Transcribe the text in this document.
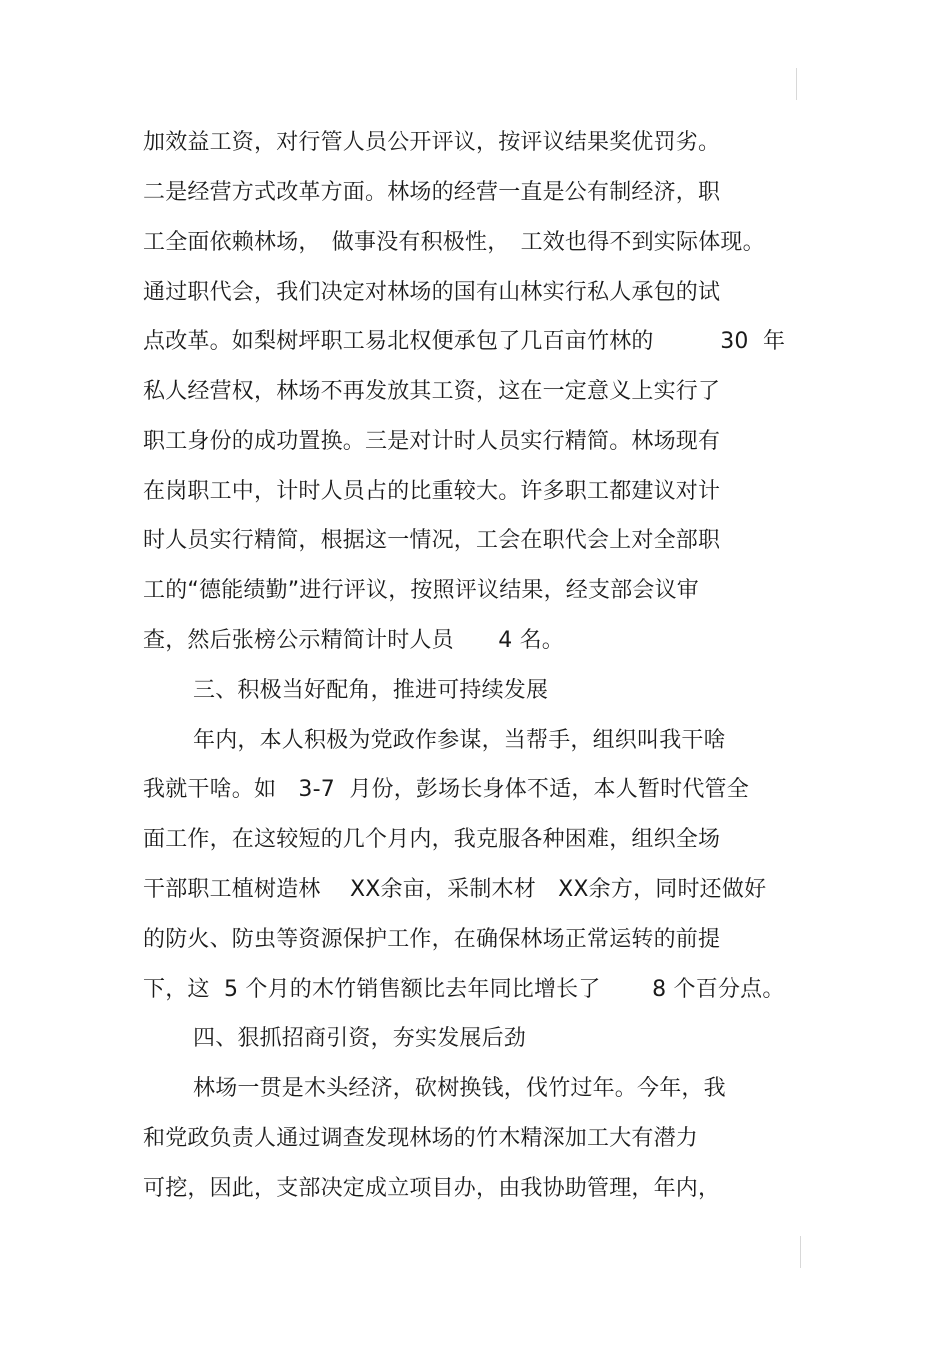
加效益工资，对行管人员公开评议，按评议结果奖优罚劣。
二是经营方式改革方面。林场的经营一直是公有制经济，职
工全面依赖林场，　做事没有积极性，　工效也得不到实际体现。
通过职代会，我们决定对林场的国有山林实行私人承包的试
点改革。如梨树坪职工易北权便承包了几百亩竹林的　　　30  年
私人经营权，林场不再发放其工资，这在一定意义上实行了
职工身份的成功置换。三是对计时人员实行精简。林场现有
在岗职工中，计时人员占的比重较大。许多职工都建议对计
时人员实行精简，根据这一情况，工会在职代会上对全部职
工的“德能绩勤”进行评议，按照评议结果，经支部会议审
查，然后张榜公示精简计时人员　　4 名。
三、积极当好配角，推进可持续发展
年内，本人积极为党政作参谋，当帮手，组织叫我干啥
我就干啥。如　3-7  月份，彭场长身体不适，本人暂时代管全
面工作，在这较短的几个月内，我克服各种困难，组织全场
干部职工植树造林　 XX余亩，采制木材　XX余方，同时还做好
的防火、防虫等资源保护工作，在确保林场正常运转的前提
下，这  5 个月的木竹销售额比去年同比增长了　　 8 个百分点。
四、狠抓招商引资，夯实发展后劲
林场一贯是木头经济，砍树换钱，伐竹过年。今年，我
和党政负责人通过调查发现林场的竹木精深加工大有潜力
可挖，因此，支部决定成立项目办，由我协助管理，年内，
